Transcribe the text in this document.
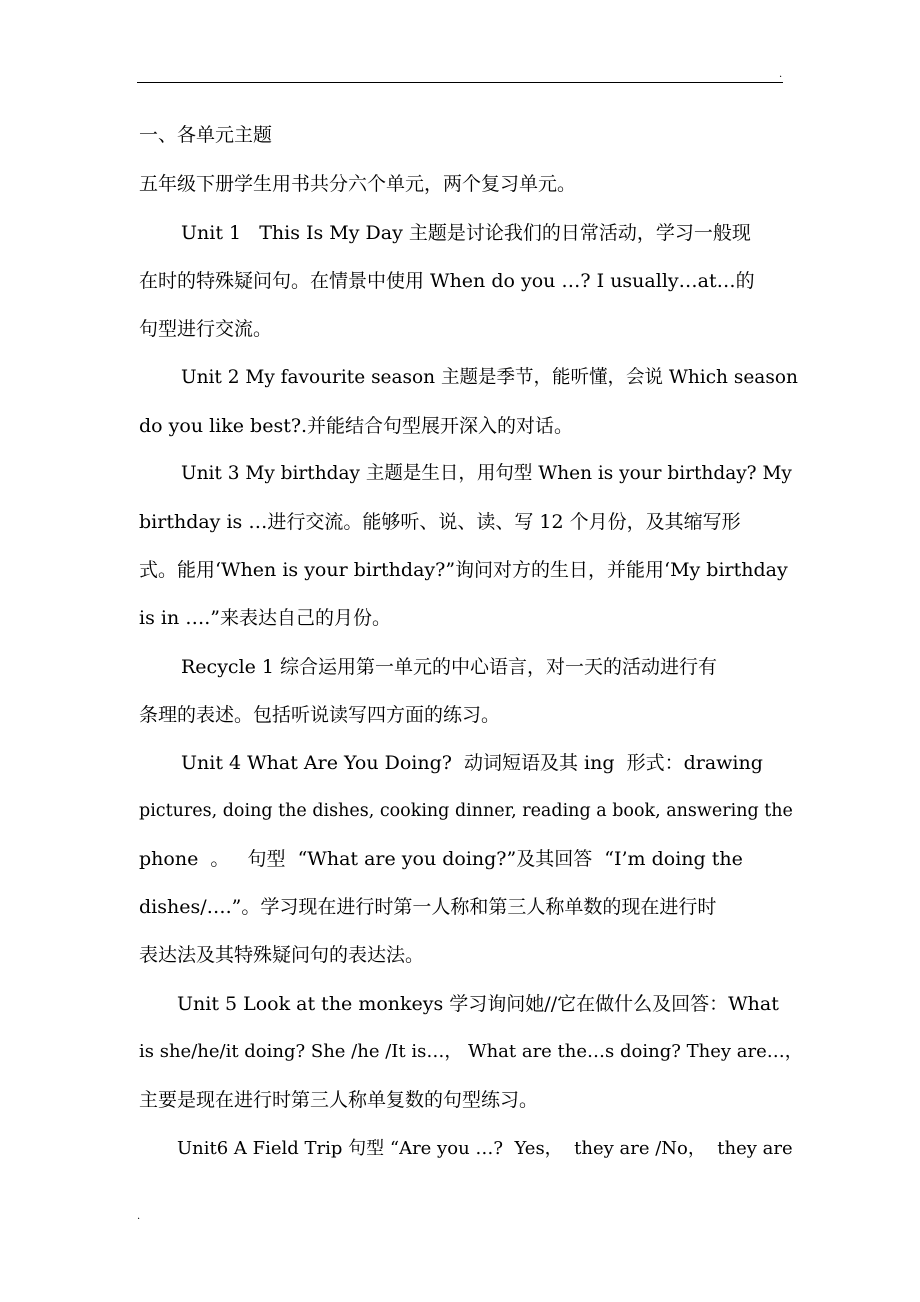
.
一、各单元主题
五年级下册学生用书共分六个单元，两个复习单元。
Unit 1   This Is My Day 主题是讨论我们的日常活动，学习一般现
在时的特殊疑问句。在情景中使用 When do you …? I usually…at…的
句型进行交流。
Unit 2 My favourite season 主题是季节，能听懂，会说 Which season
do you like best?.并能结合句型展开深入的对话。
Unit 3 My birthday 主题是生日，用句型 When is your birthday? My
birthday is …进行交流。能够听、说、读、写 12 个月份，及其缩写形
式。能用‘When is your birthday?”询问对方的生日，并能用‘My birthday
is in ….”来表达自己的月份。
Recycle 1 综合运用第一单元的中心语言，对一天的活动进行有
条理的表述。包括听说读写四方面的练习。
Unit 4 What Are You Doing?  动词短语及其 ing  形式：drawing
pictures, doing the dishes, cooking dinner, reading a book, answering the
phone  。   句型  “What are you doing?”及其回答  “I’m doing the
dishes/….”。学习现在进行时第一人称和第三人称单数的现在进行时
表达法及其特殊疑问句的表达法。
Unit 5 Look at the monkeys 学习询问她//它在做什么及回答：What
is she/he/it doing? She /he /It is…， What are the…s doing? They are…，
主要是现在进行时第三人称单复数的句型练习。
Unit6 A Field Trip 句型 “Are you …?  Yes，  they are /No，  they are
.
